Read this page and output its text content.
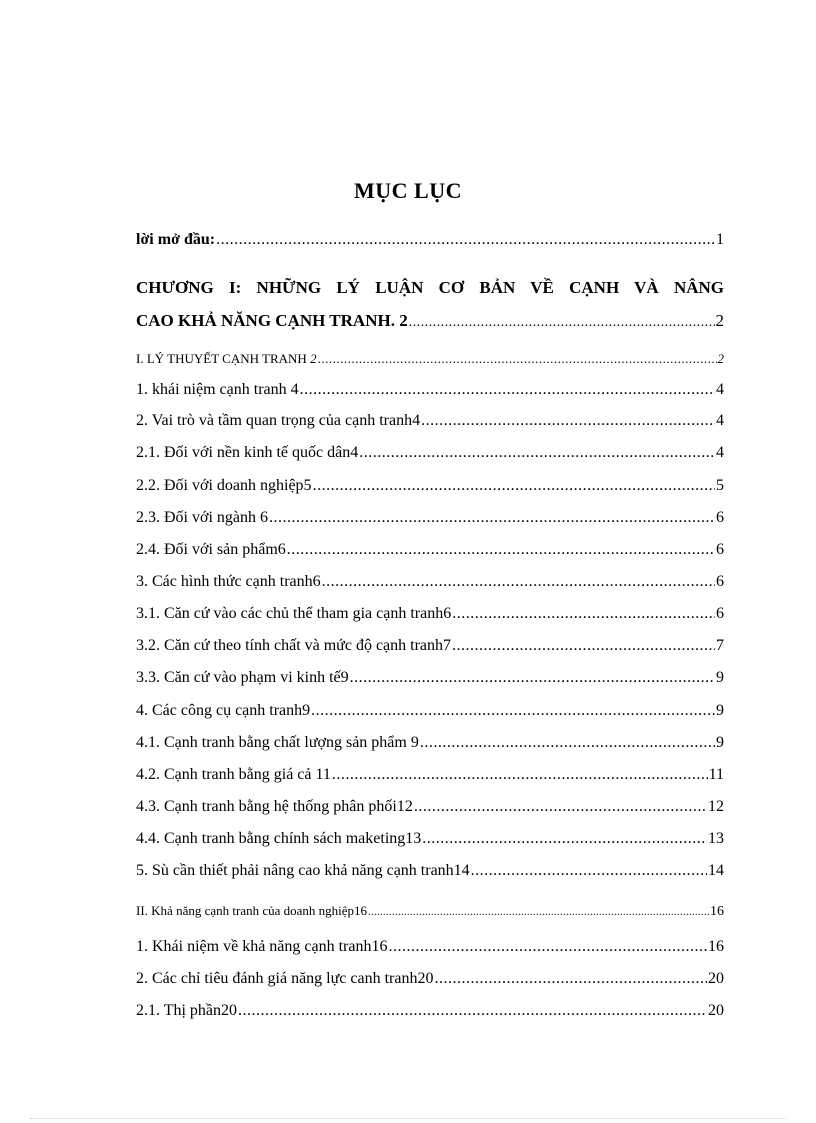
MỤC LỤC
lời mở đầu: .....	1
CHƯƠNG I: NHỮNG LÝ LUẬN CƠ BẢN VỀ CẠNH VÀ NÂNG
CAO KHẢ NĂNG CẠNH TRANH. 2 .....	2
I. LÝ THUYẾT CẠNH TRANH 2 .....	2
1. khái niệm cạnh tranh 4 .....	4
2. Vai trò và tầm quan trọng của cạnh tranh4 .....	4
2.1. Đối với nền kinh tế quốc dân4 .....	4
2.2. Đối với doanh nghiệp5 .....	5
2.3. Đối với ngành 6 .....	6
2.4. Đối với sản phẩm6 .....	6
3. Các hình thức cạnh tranh6 .....	6
3.1. Căn cứ vào các chủ thể tham gia cạnh tranh6 .....	6
3.2. Căn cứ theo tính chất và mức độ cạnh tranh7 .....	7
3.3. Căn cứ vào phạm vi kinh tế9 .....	9
4. Các công cụ cạnh tranh9 .....	9
4.1. Cạnh tranh bằng chất lượng sản phẩm 9 .....	9
4.2. Cạnh tranh bằng giá cả 11 .....	11
4.3. Cạnh tranh bằng hệ thống phân phối12 .....	12
4.4. Cạnh tranh bằng chính sách maketing13 .....	13
5. Sù cần thiết phải nâng cao khả năng cạnh tranh14 .....	14
II. Khả năng cạnh tranh của doanh nghiệp16 .....	16
1. Khái niệm về khả năng cạnh tranh16 .....	16
2. Các chỉ tiêu đánh giá năng lực canh tranh20 .....	20
2.1. Thị phần20 .....	20
